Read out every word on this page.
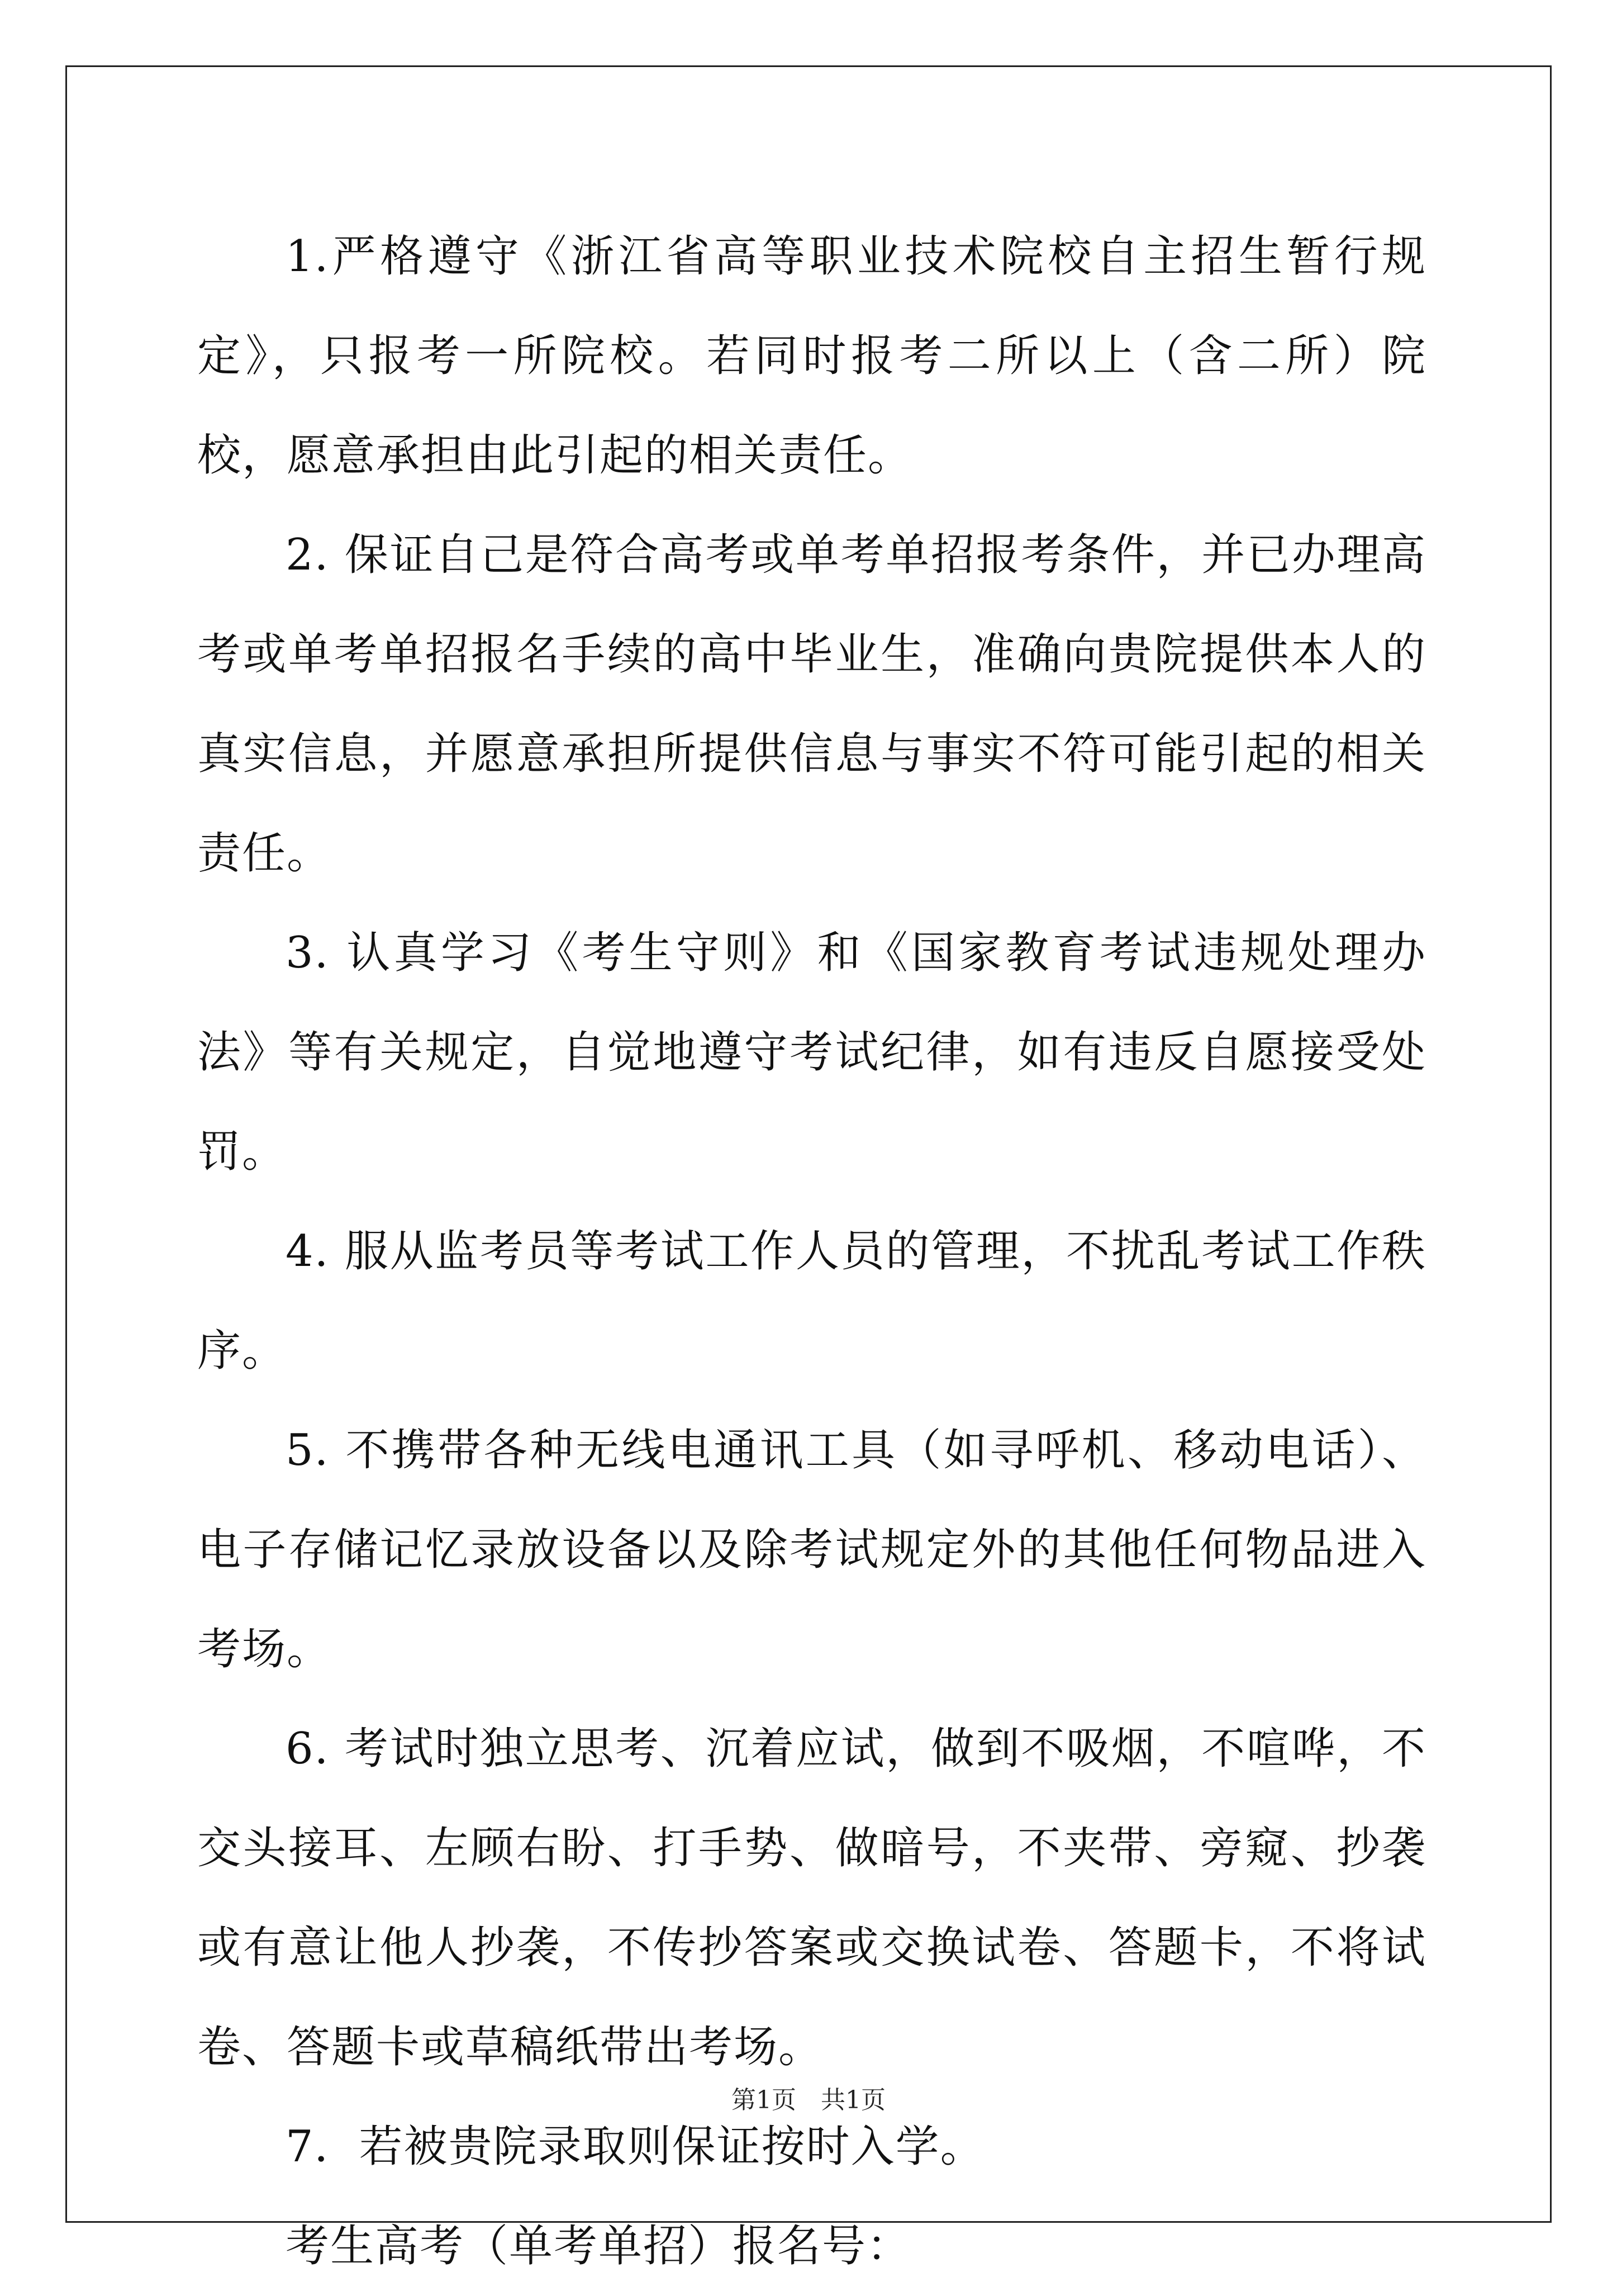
1.严格遵守《浙江省高等职业技术院校自主招生暂行规定》，只报考一所院校。若同时报考二所以上（含二所）院校，愿意承担由此引起的相关责任。

2. 保证自己是符合高考或单考单招报考条件，并已办理高考或单考单招报名手续的高中毕业生，准确向贵院提供本人的真实信息，并愿意承担所提供信息与事实不符可能引起的相关责任。

3. 认真学习《考生守则》和《国家教育考试违规处理办法》等有关规定，自觉地遵守考试纪律，如有违反自愿接受处罚。

4. 服从监考员等考试工作人员的管理，不扰乱考试工作秩序。

5. 不携带各种无线电通讯工具（如寻呼机、移动电话）、电子存储记忆录放设备以及除考试规定外的其他任何物品进入考场。

6. 考试时独立思考、沉着应试，做到不吸烟，不喧哗，不交头接耳、左顾右盼、打手势、做暗号，不夹带、旁窥、抄袭或有意让他人抄袭，不传抄答案或交换试卷、答题卡，不将试卷、答题卡或草稿纸带出考场。

7．若被贵院录取则保证按时入学。

考生高考（单考单招）报名号：

第1页　共1页
